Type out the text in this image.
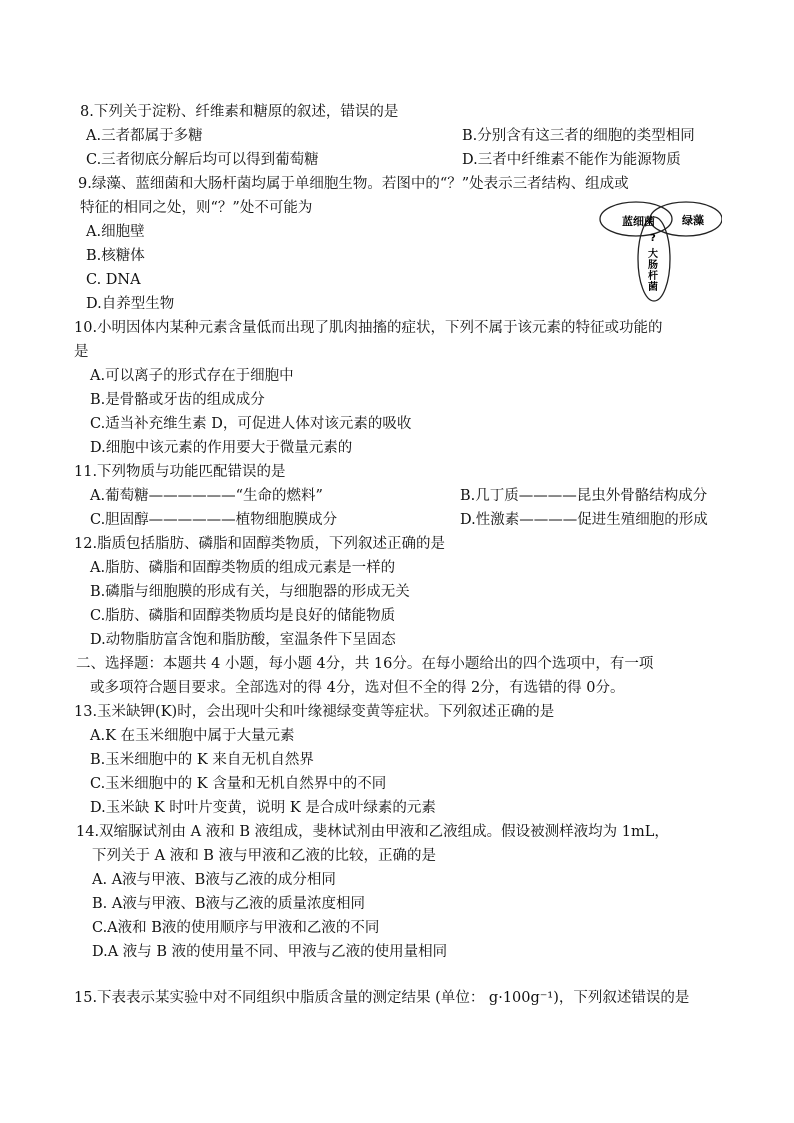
8.下列关于淀粉、纤维素和糖原的叙述，错误的是
A.三者都属于多糖	B.分别含有这三者的细胞的类型相同
C.三者彻底分解后均可以得到葡萄糖	D.三者中纤维素不能作为能源物质
9.绿藻、蓝细菌和大肠杆菌均属于单细胞生物。若图中的“？”处表示三者结构、组成或
特征的相同之处，则“？”处不可能为
A.细胞壁
B.核糖体
C. DNA
D.自养型生物
蓝细菌 绿藻
?
大
肠
杆
菌
10.小明因体内某种元素含量低而出现了肌肉抽搐的症状，下列不属于该元素的特征或功能的
是
A.可以离子的形式存在于细胞中
B.是骨骼或牙齿的组成成分
C.适当补充维生素 D，可促进人体对该元素的吸收
D.细胞中该元素的作用要大于微量元素的
11.下列物质与功能匹配错误的是
A.葡萄糖——————“生命的燃料”	B.几丁质————昆虫外骨骼结构成分
C.胆固醇——————植物细胞膜成分	D.性激素————促进生殖细胞的形成
12.脂质包括脂肪、磷脂和固醇类物质，下列叙述正确的是
A.脂肪、磷脂和固醇类物质的组成元素是一样的
B.磷脂与细胞膜的形成有关，与细胞器的形成无关
C.脂肪、磷脂和固醇类物质均是良好的储能物质
D.动物脂肪富含饱和脂肪酸，室温条件下呈固态
二、选择题：本题共 4 小题，每小题 4分，共 16分。在每小题给出的四个选项中，有一项
或多项符合题目要求。全部选对的得 4分，选对但不全的得 2分，有选错的得 0分。
13.玉米缺钾(K)时，会出现叶尖和叶缘褪绿变黄等症状。下列叙述正确的是
A.K 在玉米细胞中属于大量元素
B.玉米细胞中的 K 来自无机自然界
C.玉米细胞中的 K 含量和无机自然界中的不同
D.玉米缺 K 时叶片变黄，说明 K 是合成叶绿素的元素
14.双缩脲试剂由 A 液和 B 液组成，斐林试剂由甲液和乙液组成。假设被测样液均为 1mL，
下列关于 A 液和 B 液与甲液和乙液的比较，正确的是
A. A液与甲液、B液与乙液的成分相同
B. A液与甲液、B液与乙液的质量浓度相同
C.A液和 B液的使用顺序与甲液和乙液的不同
D.A 液与 B 液的使用量不同、甲液与乙液的使用量相同
15.下表表示某实验中对不同组织中脂质含量的测定结果 (单位： g·100g⁻¹)，下列叙述错误的是
